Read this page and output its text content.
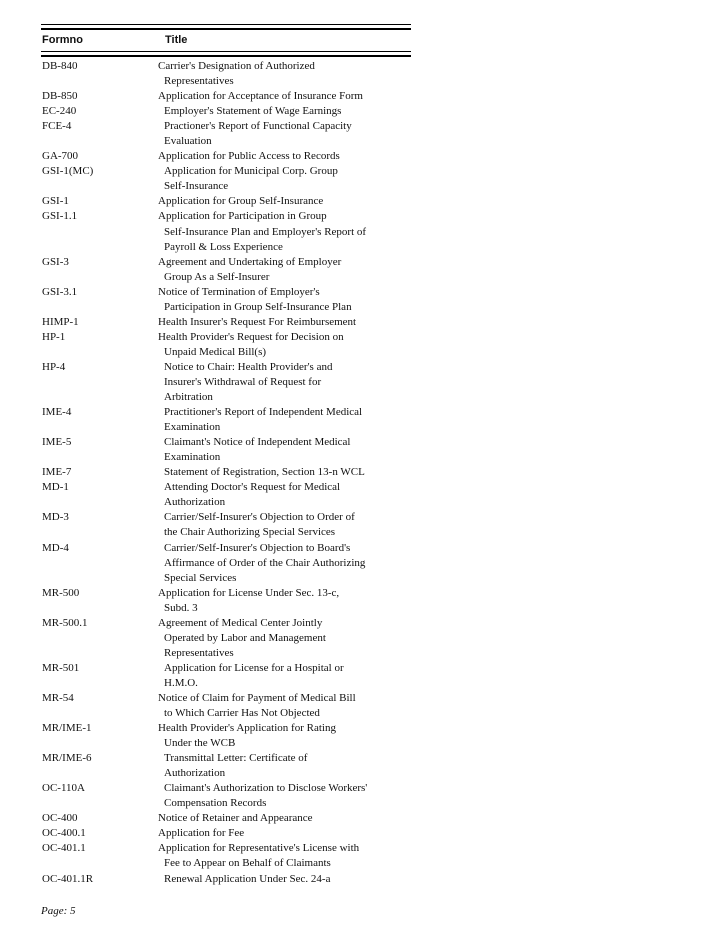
Formno	Title
DB-840	Carrier's Designation of Authorized
Representatives
DB-850	Application for Acceptance of Insurance Form
EC-240	Employer's Statement of Wage Earnings
FCE-4	Practioner's Report of Functional Capacity
Evaluation
GA-700	Application for Public Access to Records
GSI-1(MC)	Application for Municipal Corp. Group
Self-Insurance
GSI-1	Application for Group Self-Insurance
GSI-1.1	Application for Participation in Group
Self-Insurance Plan and Employer's Report of
Payroll & Loss Experience
GSI-3	Agreement and Undertaking of Employer
Group As a Self-Insurer
GSI-3.1	Notice of Termination of Employer's
Participation in Group Self-Insurance Plan
HIMP-1	Health Insurer's Request For Reimbursement
HP-1	Health Provider's Request for Decision on
Unpaid Medical Bill(s)
HP-4	Notice to Chair: Health Provider's and
Insurer's Withdrawal of Request for
Arbitration
IME-4	Practitioner's Report of Independent Medical
Examination
IME-5	Claimant's Notice of Independent Medical
Examination
IME-7	Statement of Registration, Section 13-n WCL
MD-1	Attending Doctor's Request for Medical
Authorization
MD-3	Carrier/Self-Insurer's Objection to Order of
the Chair Authorizing Special Services
MD-4	Carrier/Self-Insurer's Objection to Board's
Affirmance of Order of the Chair Authorizing
Special Services
MR-500	Application for License Under Sec. 13-c,
Subd. 3
MR-500.1	Agreement of Medical Center Jointly
Operated by Labor and Management
Representatives
MR-501	Application for License for a Hospital or
H.M.O.
MR-54	Notice of Claim for Payment of Medical Bill
to Which Carrier Has Not Objected
MR/IME-1	Health Provider's Application for Rating
Under the WCB
MR/IME-6	Transmittal Letter: Certificate of
Authorization
OC-110A	Claimant's Authorization to Disclose Workers'
Compensation Records
OC-400	Notice of Retainer and Appearance
OC-400.1	Application for Fee
OC-401.1	Application for Representative's License with
Fee to Appear on Behalf of Claimants
OC-401.1R	Renewal Application Under Sec. 24-a
Page: 5
